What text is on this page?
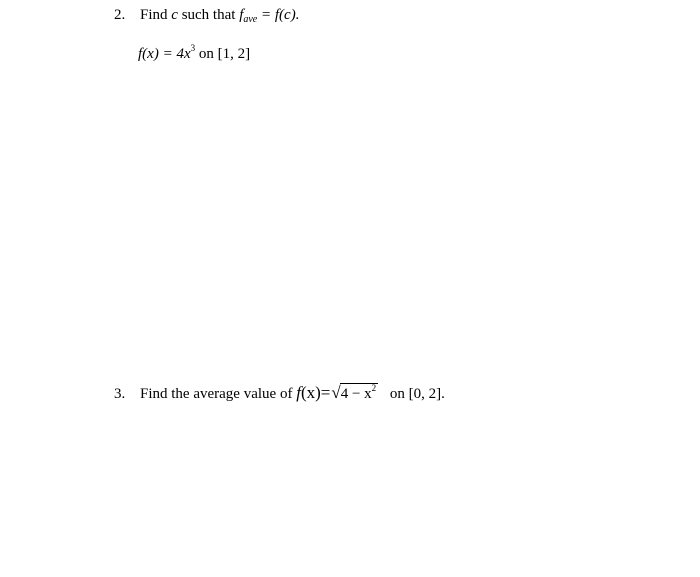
2. Find c such that $f_{ave} = f(c)$.
$f(x) = 4x^3$ on [1, 2]
3. Find the average value of $f(x)=√4 - x^2$ on [0, 2].
